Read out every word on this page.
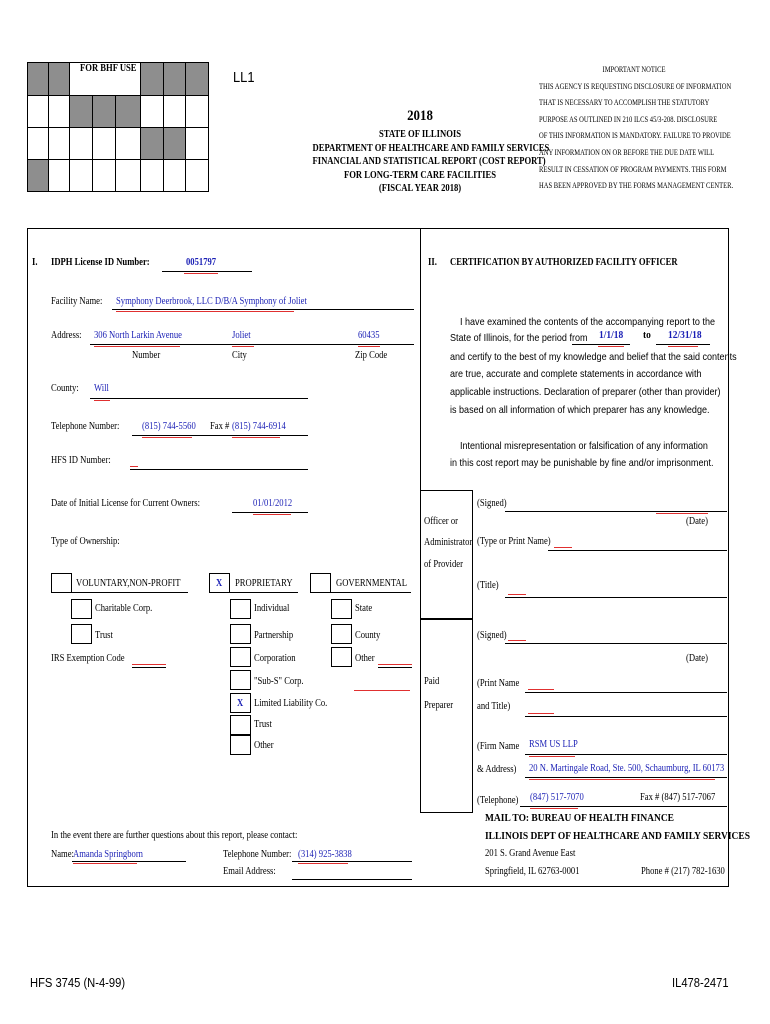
FOR BHF USE
LL1
2018
STATE OF ILLINOIS
DEPARTMENT OF HEALTHCARE AND FAMILY SERVICES
FINANCIAL AND STATISTICAL REPORT (COST REPORT)
FOR LONG-TERM CARE FACILITIES
(FISCAL YEAR 2018)
IMPORTANT NOTICE
THIS AGENCY IS REQUESTING DISCLOSURE OF INFORMATION
THAT IS NECESSARY TO ACCOMPLISH THE STATUTORY
PURPOSE AS OUTLINED IN 210 ILCS 45/3-208. DISCLOSURE
OF THIS INFORMATION IS MANDATORY. FAILURE TO PROVIDE
ANY INFORMATION ON OR BEFORE THE DUE DATE WILL
RESULT IN CESSATION OF PROGRAM PAYMENTS. THIS FORM
HAS BEEN APPROVED BY THE FORMS MANAGEMENT CENTER.
I. IDPH License ID Number:	0051797
Facility Name: Symphony Deerbrook, LLC D/B/A Symphony of Joliet
Address: 306 North Larkin Avenue	Joliet	60435
Number	City	Zip Code
County: Will
Telephone Number: (815) 744-5560 Fax # (815) 744-6914
HFS ID Number:
Date of Initial License for Current Owners:	01/01/2012
Type of Ownership:
VOLUNTARY,NON-PROFIT
Charitable Corp.
Trust
IRS Exemption Code
X PROPRIETARY
Individual
Partnership
Corporation
"Sub-S" Corp.
X Limited Liability Co.
Trust
Other
GOVERNMENTAL
State
County
Other
In the event there are further questions about this report, please contact:
Name: Amanda Springborn	Telephone Number: (314) 925-3838
Email Address:
II. CERTIFICATION BY AUTHORIZED FACILITY OFFICER
I have examined the contents of the accompanying report to the
State of Illinois, for the period from 1/1/18 to 12/31/18
and certify to the best of my knowledge and belief that the said contents
are true, accurate and complete statements in accordance with
applicable instructions. Declaration of preparer (other than provider)
is based on all information of which preparer has any knowledge.
Intentional misrepresentation or falsification of any information
in this cost report may be punishable by fine and/or imprisonment.
Officer or
Administrator
of Provider
(Signed)
(Date)
(Type or Print Name)
(Title)
Paid
Preparer
(Signed)
(Date)
(Print Name
and Title)
(Firm Name RSM US LLP
& Address) 20 N. Martingale Road, Ste. 500, Schaumburg, IL 60173
(Telephone) (847) 517-7070	Fax # (847) 517-7067
MAIL TO: BUREAU OF HEALTH FINANCE
ILLINOIS DEPT OF HEALTHCARE AND FAMILY SERVICES
201 S. Grand Avenue East
Springfield, IL 62763-0001	Phone # (217) 782-1630
HFS 3745 (N-4-99)	IL478-2471
